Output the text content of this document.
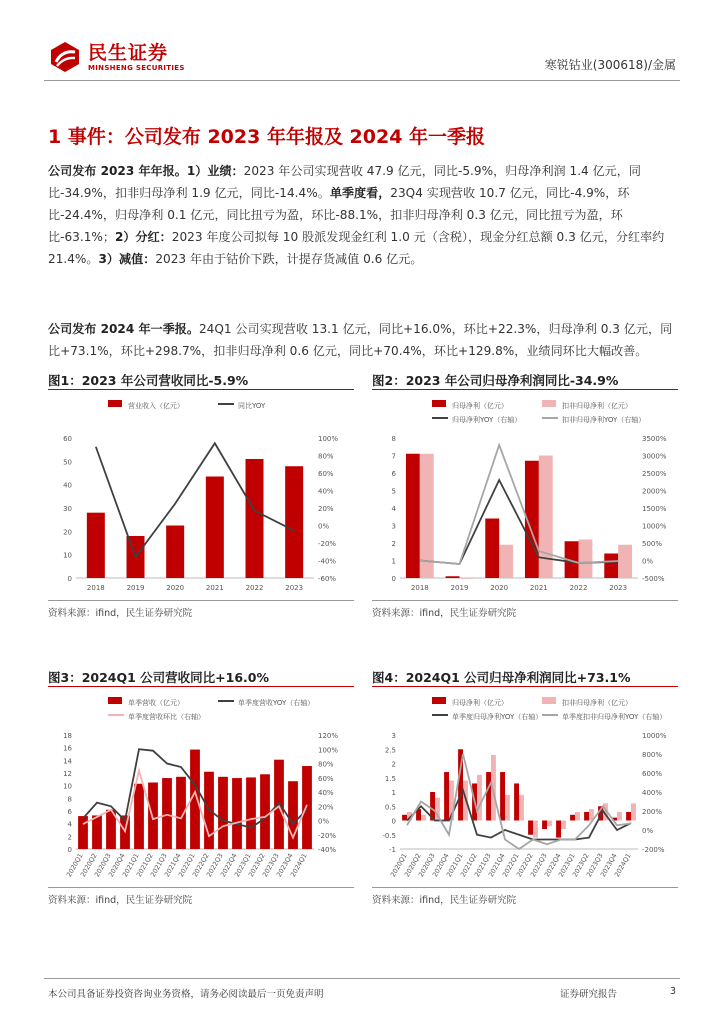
民生证券
MINSHENG SECURITIES	寒锐钴业(300618)/金属
1 事件：公司发布 2023 年年报及 2024 年一季报
公司发布 2023 年年报。1）业绩：2023 年公司实现营收 47.9 亿元，同比-5.9%，归母净利润 1.4 亿元，同比-34.9%，扣非归母净利 1.9 亿元，同比-14.4%。单季度看，23Q4 实现营收 10.7 亿元，同比-4.9%，环比-24.4%，归母净利 0.1 亿元，同比扭亏为盈，环比-88.1%，扣非归母净利 0.3 亿元，同比扭亏为盈，环比-63.1%；2）分红：2023 年度公司拟每 10 股派发现金红利 1.0 元（含税），现金分红总额 0.3 亿元，分红率约 21.4%。3）减值：2023 年由于钴价下跌，计提存货减值 0.6 亿元。
公司发布 2024 年一季报。24Q1 公司实现营收 13.1 亿元，同比+16.0%，环比+22.3%，归母净利 0.3 亿元，同比+73.1%，环比+298.7%，扣非归母净利 0.6 亿元，同比+70.4%，环比+129.8%，业绩同环比大幅改善。
图1：2023 年公司营收同比-5.9%
营业收入（亿元）	同比YOY
0
10
20
30
40
50
60	100%
80%
60%
40%
20%
0%
-20%
-40%
-60%
2018	2019	2020	2021	2022	2023
资料来源：ifind，民生证券研究院
图2：2023 年公司归母净利润同比-34.9%
归母净利（亿元）	扣非归母净利（亿元）
归母净利YOY（右轴）	扣非归母净利YOY（右轴）
0
1
2
3
4
5
6
7
8	3500%
3000%
2500%
2000%
1500%
1000%
500%
0%
-500%
2018	2019	2020	2021	2022	2023
资料来源：ifind，民生证券研究院
图3：2024Q1 公司营收同比+16.0%
单季营收（亿元）	单季度营收YOY（右轴）
单季度营收环比（右轴）
0
2
4
6
8
10
12
14
16
18	120%
100%
80%
60%
40%
20%
0%
-20%
-40%
2020Q1
2020Q2
2020Q3
2020Q4
2021Q1
2021Q2
2021Q3
2021Q4
2022Q1
2022Q2
2022Q3
2022Q4
2023Q1
2023Q2
2023Q3
2023Q4
2024Q1
资料来源：ifind，民生证券研究院
图4：2024Q1 公司归母净利润同比+73.1%
归母净利（亿元）	扣非归母净利（亿元）
单季度归母净利YOY（右轴）	单季度扣非归母净利YOY（右轴）
-1
-0.5
0
0.5
1
1.5
2
2.5
3	1000%
800%
600%
400%
200%
0%
-200%
2020Q1
2020Q2
2020Q3
2020Q4
2021Q1
2021Q2
2021Q3
2021Q4
2022Q1
2022Q2
2022Q3
2022Q4
2023Q1
2023Q2
2023Q3
2023Q4
2024Q1
资料来源：ifind，民生证券研究院
本公司具备证券投资咨询业务资格，请务必阅读最后一页免责声明	证券研究报告	3
